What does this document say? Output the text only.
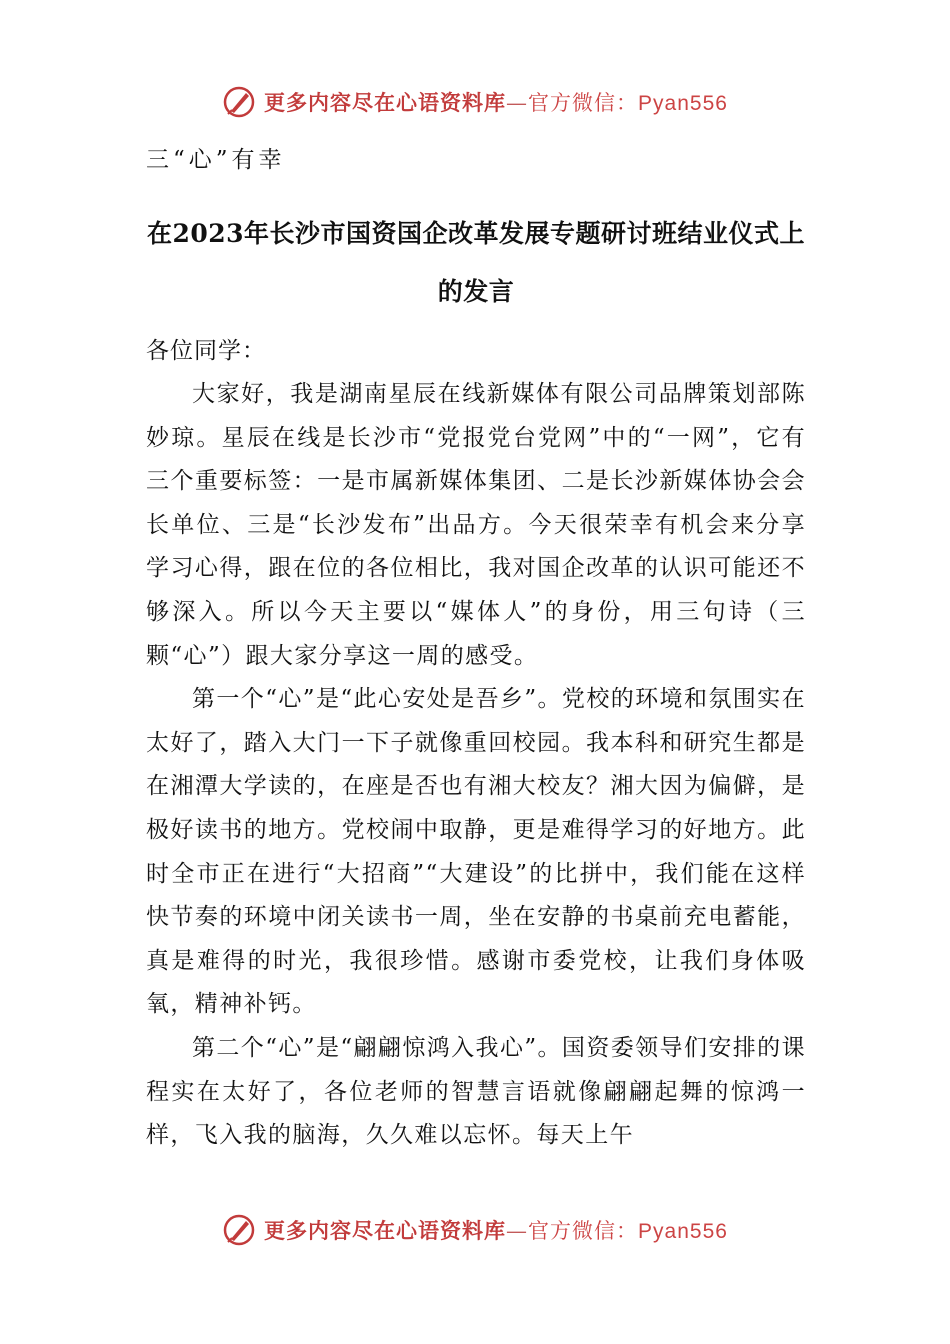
更多内容尽在心语资料库—官方微信：Pyan556

三“心”有幸

在2023年长沙市国资国企改革发展专题研讨班结业仪式上
的发言

各位同学：

大家好，我是湖南星辰在线新媒体有限公司品牌策划部陈妙琼。星辰在线是长沙市“党报党台党网”中的“一网”，它有三个重要标签：一是市属新媒体集团、二是长沙新媒体协会会长单位、三是“长沙发布”出品方。今天很荣幸有机会来分享学习心得，跟在位的各位相比，我对国企改革的认识可能还不够深入。所以今天主要以“媒体人”的身份，用三句诗（三颗“心”）跟大家分享这一周的感受。

第一个“心”是“此心安处是吾乡”。党校的环境和氛围实在太好了，踏入大门一下子就像重回校园。我本科和研究生都是在湘潭大学读的，在座是否也有湘大校友？湘大因为偏僻，是极好读书的地方。党校闹中取静，更是难得学习的好地方。此时全市正在进行“大招商”“大建设”的比拼中，我们能在这样快节奏的环境中闭关读书一周，坐在安静的书桌前充电蓄能，真是难得的时光，我很珍惜。感谢市委党校，让我们身体吸氧，精神补钙。

第二个“心”是“翩翩惊鸿入我心”。国资委领导们安排的课程实在太好了，各位老师的智慧言语就像翩翩起舞的惊鸿一样，飞入我的脑海，久久难以忘怀。每天上午

更多内容尽在心语资料库—官方微信：Pyan556
